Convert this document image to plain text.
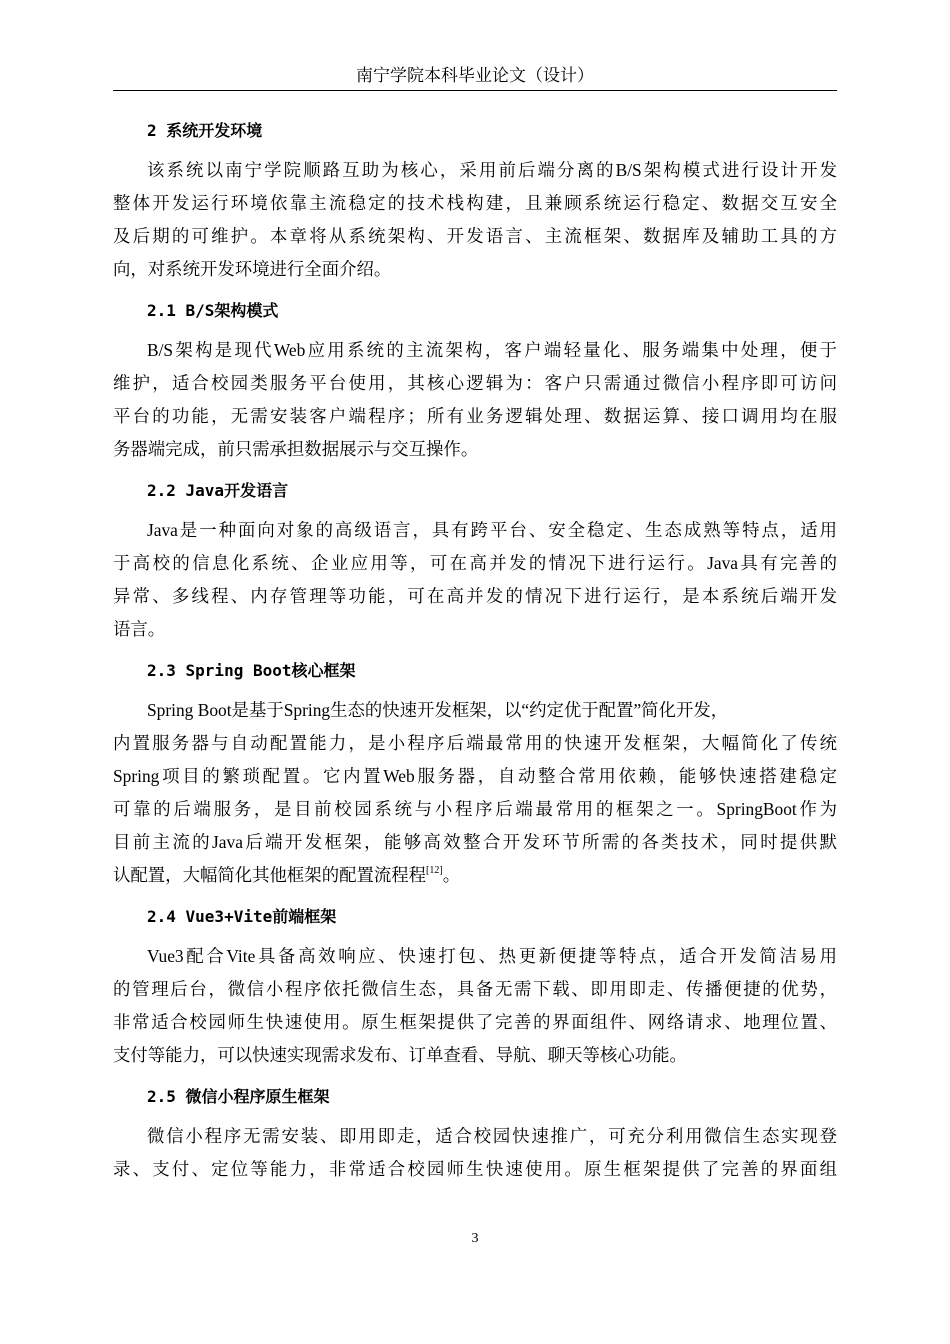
南宁学院本科毕业论文（设计）
2 系统开发环境
该系统以南宁学院顺路互助为核心，采用前后端分离的B/S架构模式进行设计开发
整体开发运行环境依靠主流稳定的技术栈构建，且兼顾系统运行稳定、数据交互安全
及后期的可维护。本章将从系统架构、开发语言、主流框架、数据库及辅助工具的方
向，对系统开发环境进行全面介绍。
2.1 B/S架构模式
B/S架构是现代Web应用系统的主流架构，客户端轻量化、服务端集中处理，便于
维护，适合校园类服务平台使用，其核心逻辑为：客户只需通过微信小程序即可访问
平台的功能，无需安装客户端程序；所有业务逻辑处理、数据运算、接口调用均在服
务器端完成，前只需承担数据展示与交互操作。
2.2 Java开发语言
Java是一种面向对象的高级语言，具有跨平台、安全稳定、生态成熟等特点，适用
于高校的信息化系统、企业应用等，可在高并发的情况下进行运行。Java具有完善的
异常、多线程、内存管理等功能，可在高并发的情况下进行运行，是本系统后端开发
语言。
2.3 Spring Boot核心框架
Spring Boot是基于Spring生态的快速开发框架，以“约定优于配置”简化开发，
内置服务器与自动配置能力，是小程序后端最常用的快速开发框架，大幅简化了传统
Spring项目的繁琐配置。它内置Web服务器，自动整合常用依赖，能够快速搭建稳定
可靠的后端服务，是目前校园系统与小程序后端最常用的框架之一。SpringBoot作为
目前主流的Java后端开发框架，能够高效整合开发环节所需的各类技术，同时提供默
认配置，大幅简化其他框架的配置流程程[12]。
2.4 Vue3+Vite前端框架
Vue3配合Vite具备高效响应、快速打包、热更新便捷等特点，适合开发简洁易用
的管理后台，微信小程序依托微信生态，具备无需下载、即用即走、传播便捷的优势，
非常适合校园师生快速使用。原生框架提供了完善的界面组件、网络请求、地理位置、
支付等能力，可以快速实现需求发布、订单查看、导航、聊天等核心功能。
2.5 微信小程序原生框架
微信小程序无需安装、即用即走，适合校园快速推广，可充分利用微信生态实现登
录、支付、定位等能力，非常适合校园师生快速使用。原生框架提供了完善的界面组
3
